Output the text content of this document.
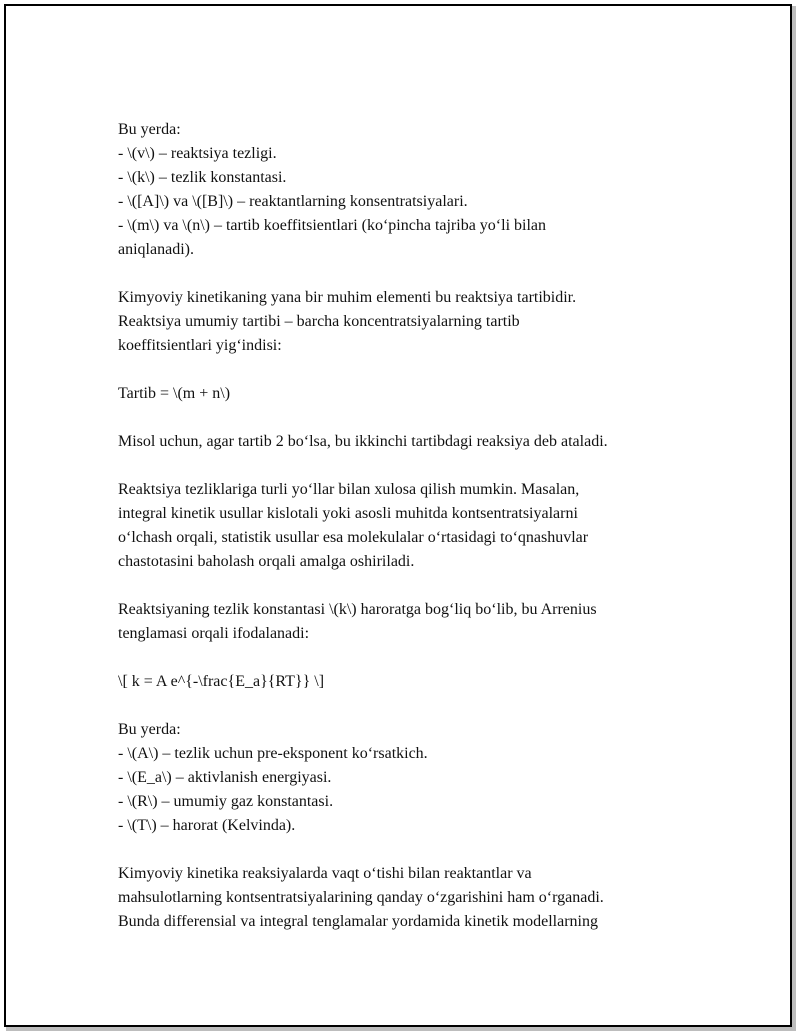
Bu yerda:
- \(v\) – reaktsiya tezligi.
- \(k\) – tezlik konstantasi.
- \([A]\) va \([B]\) – reaktantlarning konsentratsiyalari.
- \(m\) va \(n\) – tartib koeffitsientlari (koʻpincha tajriba yoʻli bilan
aniqlanadi).
Kimyoviy kinetikaning yana bir muhim elementi bu reaktsiya tartibidir.
Reaktsiya umumiy tartibi – barcha koncentratsiyalarning tartib
koeffitsientlari yigʻindisi:
Tartib = \(m + n\)
Misol uchun, agar tartib 2 boʻlsa, bu ikkinchi tartibdagi reaksiya deb ataladi.
Reaktsiya tezliklariga turli yoʻllar bilan xulosa qilish mumkin. Masalan,
integral kinetik usullar kislotali yoki asosli muhitda kontsentratsiyalarni
oʻlchash orqali, statistik usullar esa molekulalar oʻrtasidagi toʻqnashuvlar
chastotasini baholash orqali amalga oshiriladi.
Reaktsiyaning tezlik konstantasi \(k\) haroratga bogʻliq boʻlib, bu Arrenius
tenglamasi orqali ifodalanadi:
\[ k = A e^{-\frac{E_a}{RT}} \]
Bu yerda:
- \(A\) – tezlik uchun pre-eksponent koʻrsatkich.
- \(E_a\) – aktivlanish energiyasi.
- \(R\) – umumiy gaz konstantasi.
- \(T\) – harorat (Kelvinda).
Kimyoviy kinetika reaksiyalarda vaqt oʻtishi bilan reaktantlar va
mahsulotlarning kontsentratsiyalarining qanday oʻzgarishini ham oʻrganadi.
Bunda differensial va integral tenglamalar yordamida kinetik modellarning
